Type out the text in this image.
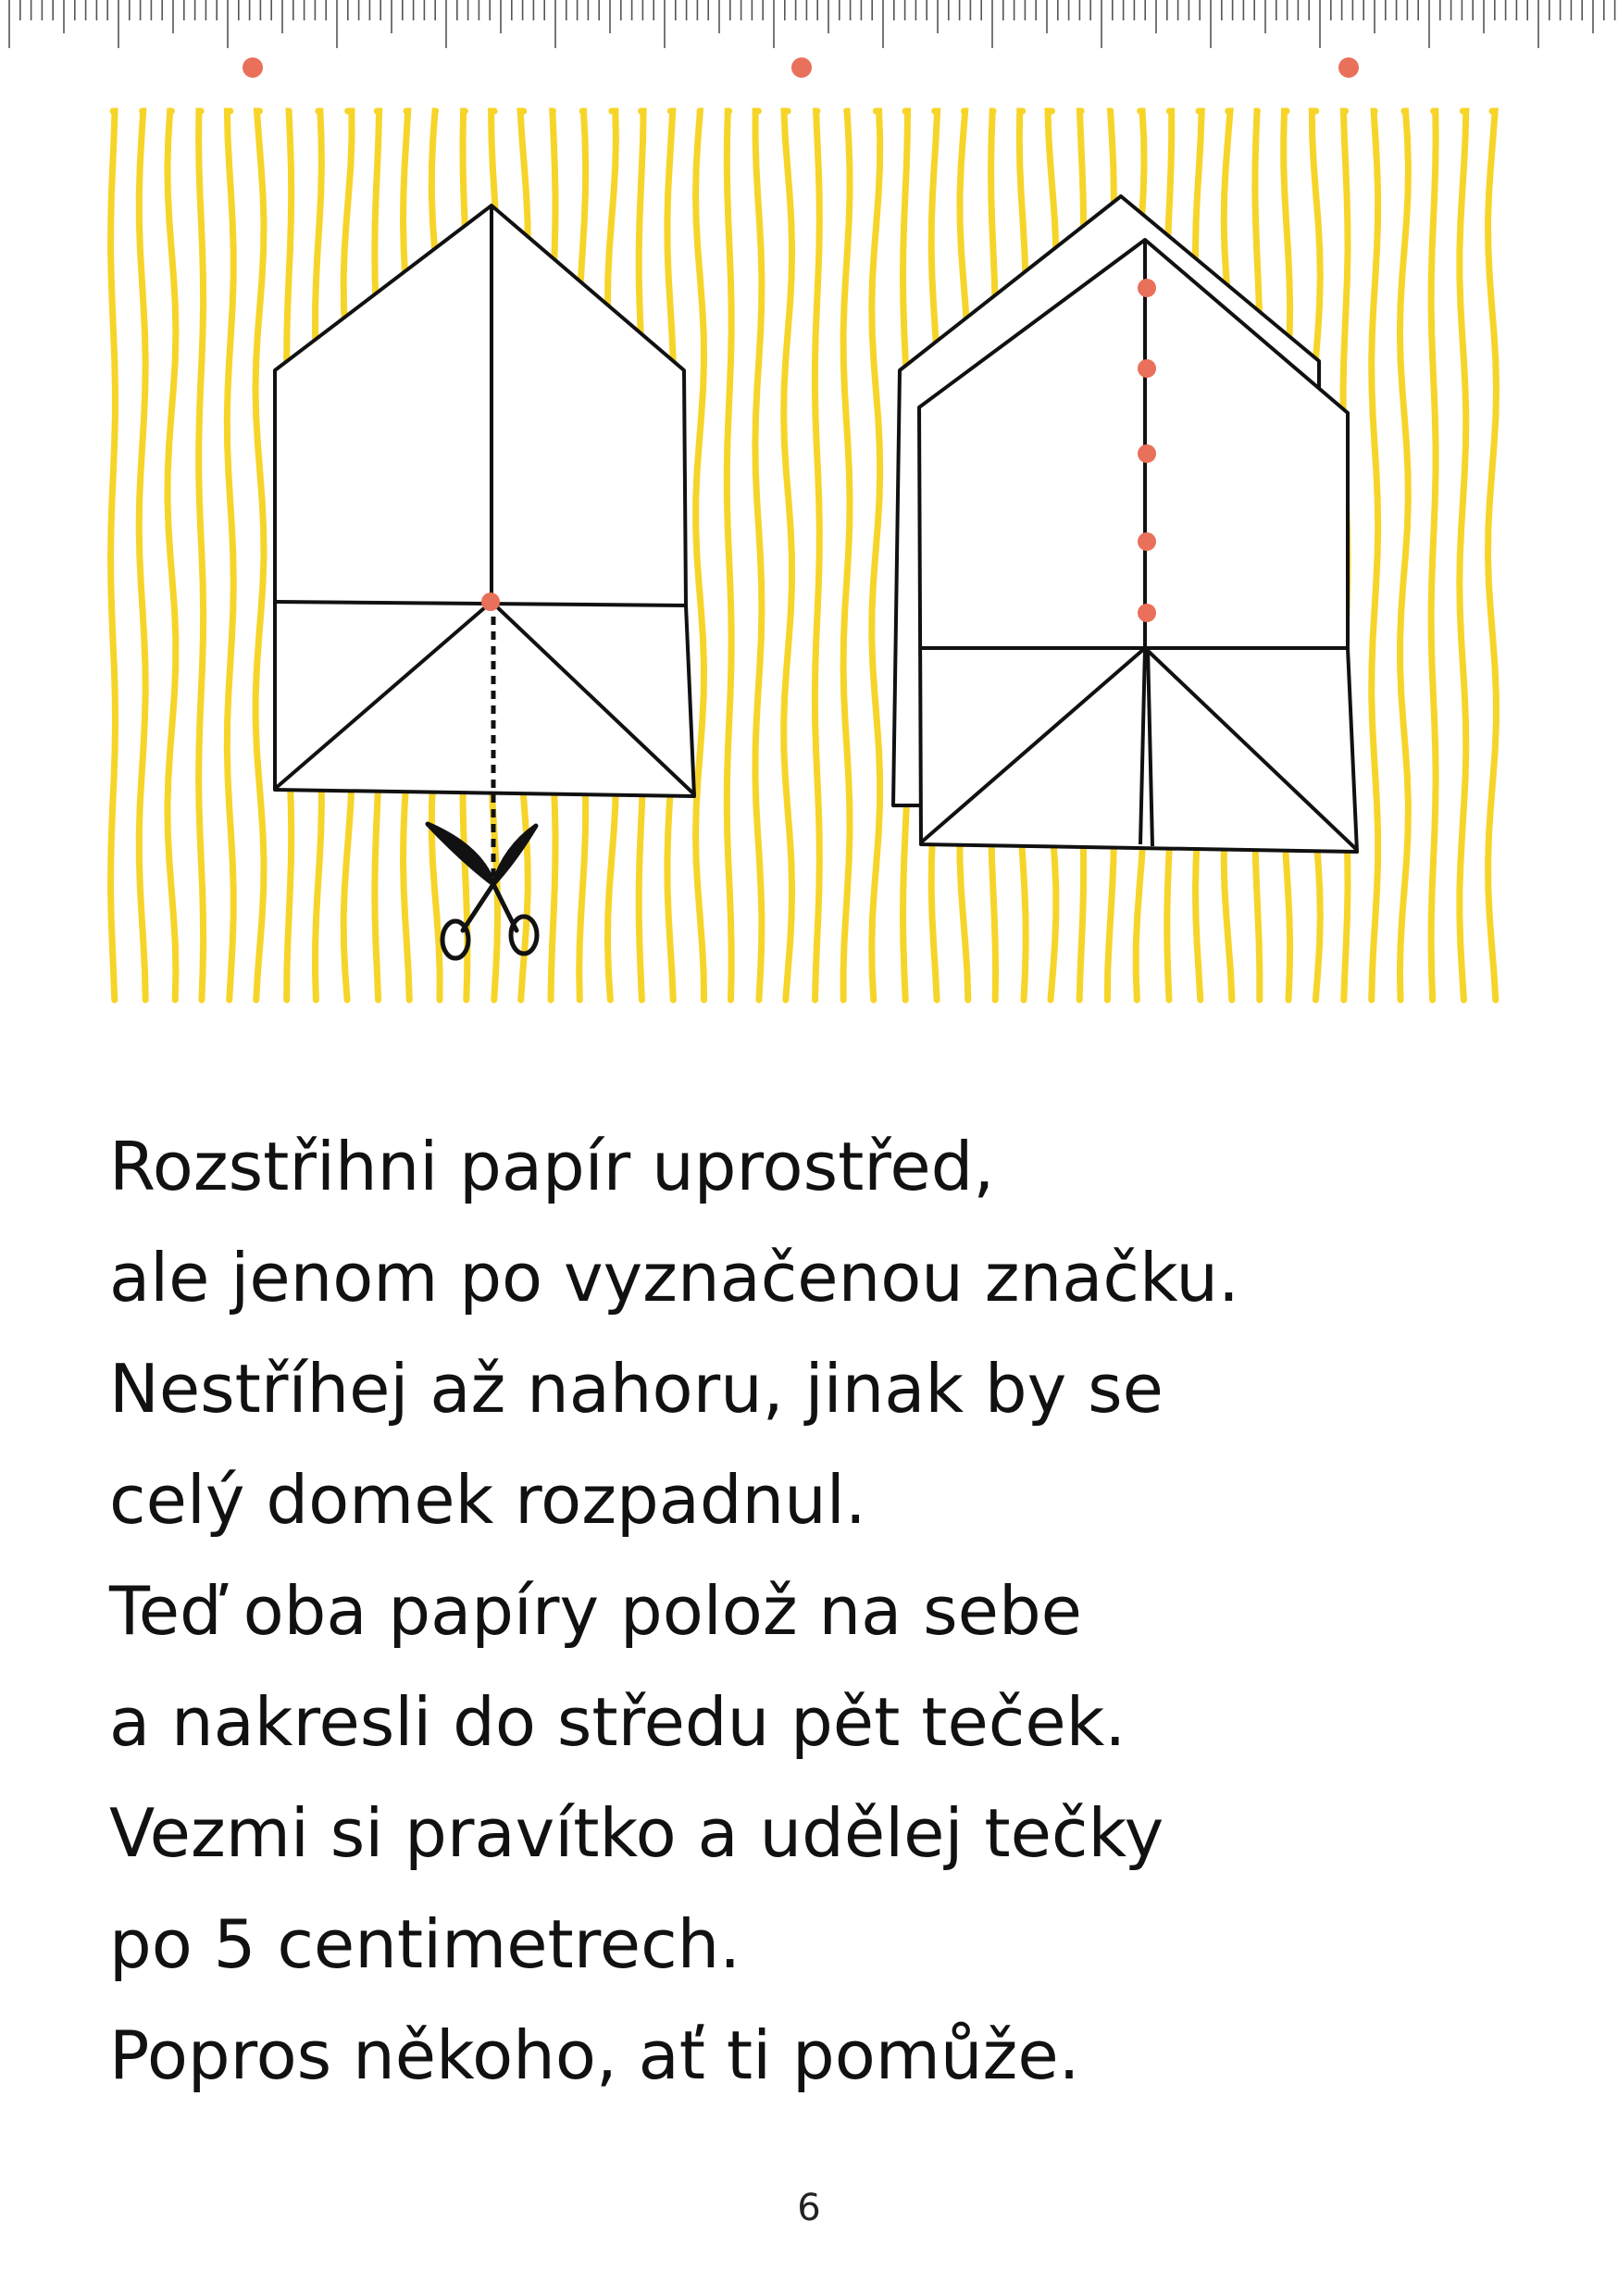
Rozstřihni papír uprostřed,
ale jenom po vyznačenou značku.
Nestříhej až nahoru, jinak by se
celý domek rozpadnul.
Teď oba papíry polož na sebe
a nakresli do středu pět teček.
Vezmi si pravítko a udělej tečky
po 5 centimetrech.
Popros někoho, ať ti pomůže.
6
